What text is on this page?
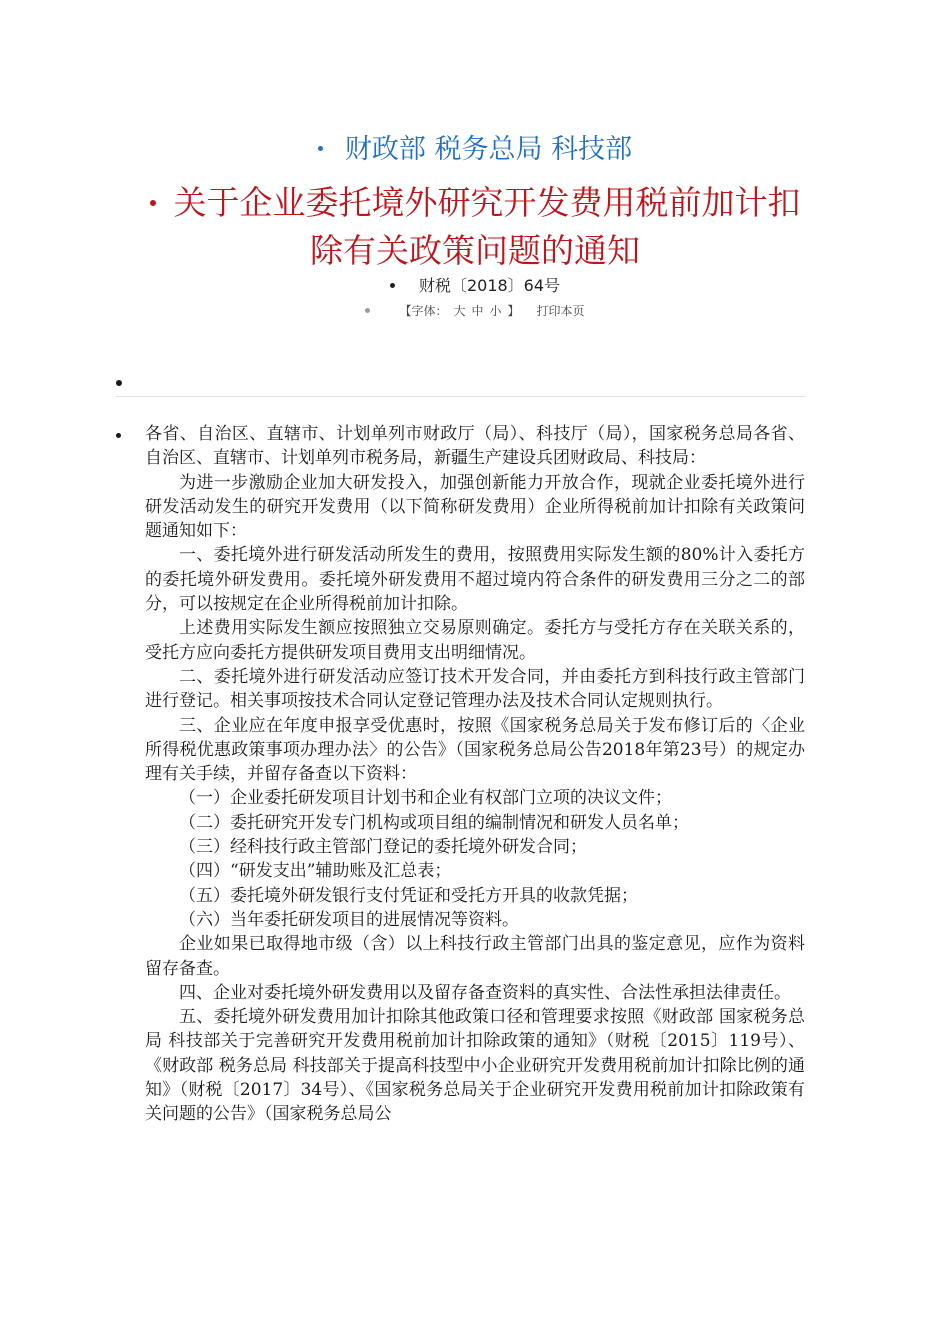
财政部 税务总局 科技部
关于企业委托境外研究开发费用税前加计扣
除有关政策问题的通知
财税〔2018〕64号
【字体： 大 中 小 】 打印本页

各省、自治区、直辖市、计划单列市财政厅（局）、科技厅（局），国家税务总局各省、自治区、直辖市、计划单列市税务局，新疆生产建设兵团财政局、科技局：

为进一步激励企业加大研发投入，加强创新能力开放合作，现就企业委托境外进行研发活动发生的研究开发费用（以下简称研发费用）企业所得税前加计扣除有关政策问题通知如下：

一、委托境外进行研发活动所发生的费用，按照费用实际发生额的80%计入委托方的委托境外研发费用。委托境外研发费用不超过境内符合条件的研发费用三分之二的部分，可以按规定在企业所得税前加计扣除。

上述费用实际发生额应按照独立交易原则确定。委托方与受托方存在关联关系的，受托方应向委托方提供研发项目费用支出明细情况。

二、委托境外进行研发活动应签订技术开发合同，并由委托方到科技行政主管部门进行登记。相关事项按技术合同认定登记管理办法及技术合同认定规则执行。

三、企业应在年度申报享受优惠时，按照《国家税务总局关于发布修订后的〈企业所得税优惠政策事项办理办法〉的公告》（国家税务总局公告2018年第23号）的规定办理有关手续，并留存备查以下资料：

（一）企业委托研发项目计划书和企业有权部门立项的决议文件；

（二）委托研究开发专门机构或项目组的编制情况和研发人员名单；

（三）经科技行政主管部门登记的委托境外研发合同；

（四）“研发支出”辅助账及汇总表；

（五）委托境外研发银行支付凭证和受托方开具的收款凭据；

（六）当年委托研发项目的进展情况等资料。

企业如果已取得地市级（含）以上科技行政主管部门出具的鉴定意见，应作为资料留存备查。

四、企业对委托境外研发费用以及留存备查资料的真实性、合法性承担法律责任。

五、委托境外研发费用加计扣除其他政策口径和管理要求按照《财政部 国家税务总局 科技部关于完善研究开发费用税前加计扣除政策的通知》（财税〔2015〕119号）、《财政部 税务总局 科技部关于提高科技型中小企业研究开发费用税前加计扣除比例的通知》（财税〔2017〕34号）、《国家税务总局关于企业研究开发费用税前加计扣除政策有关问题的公告》（国家税务总局公
